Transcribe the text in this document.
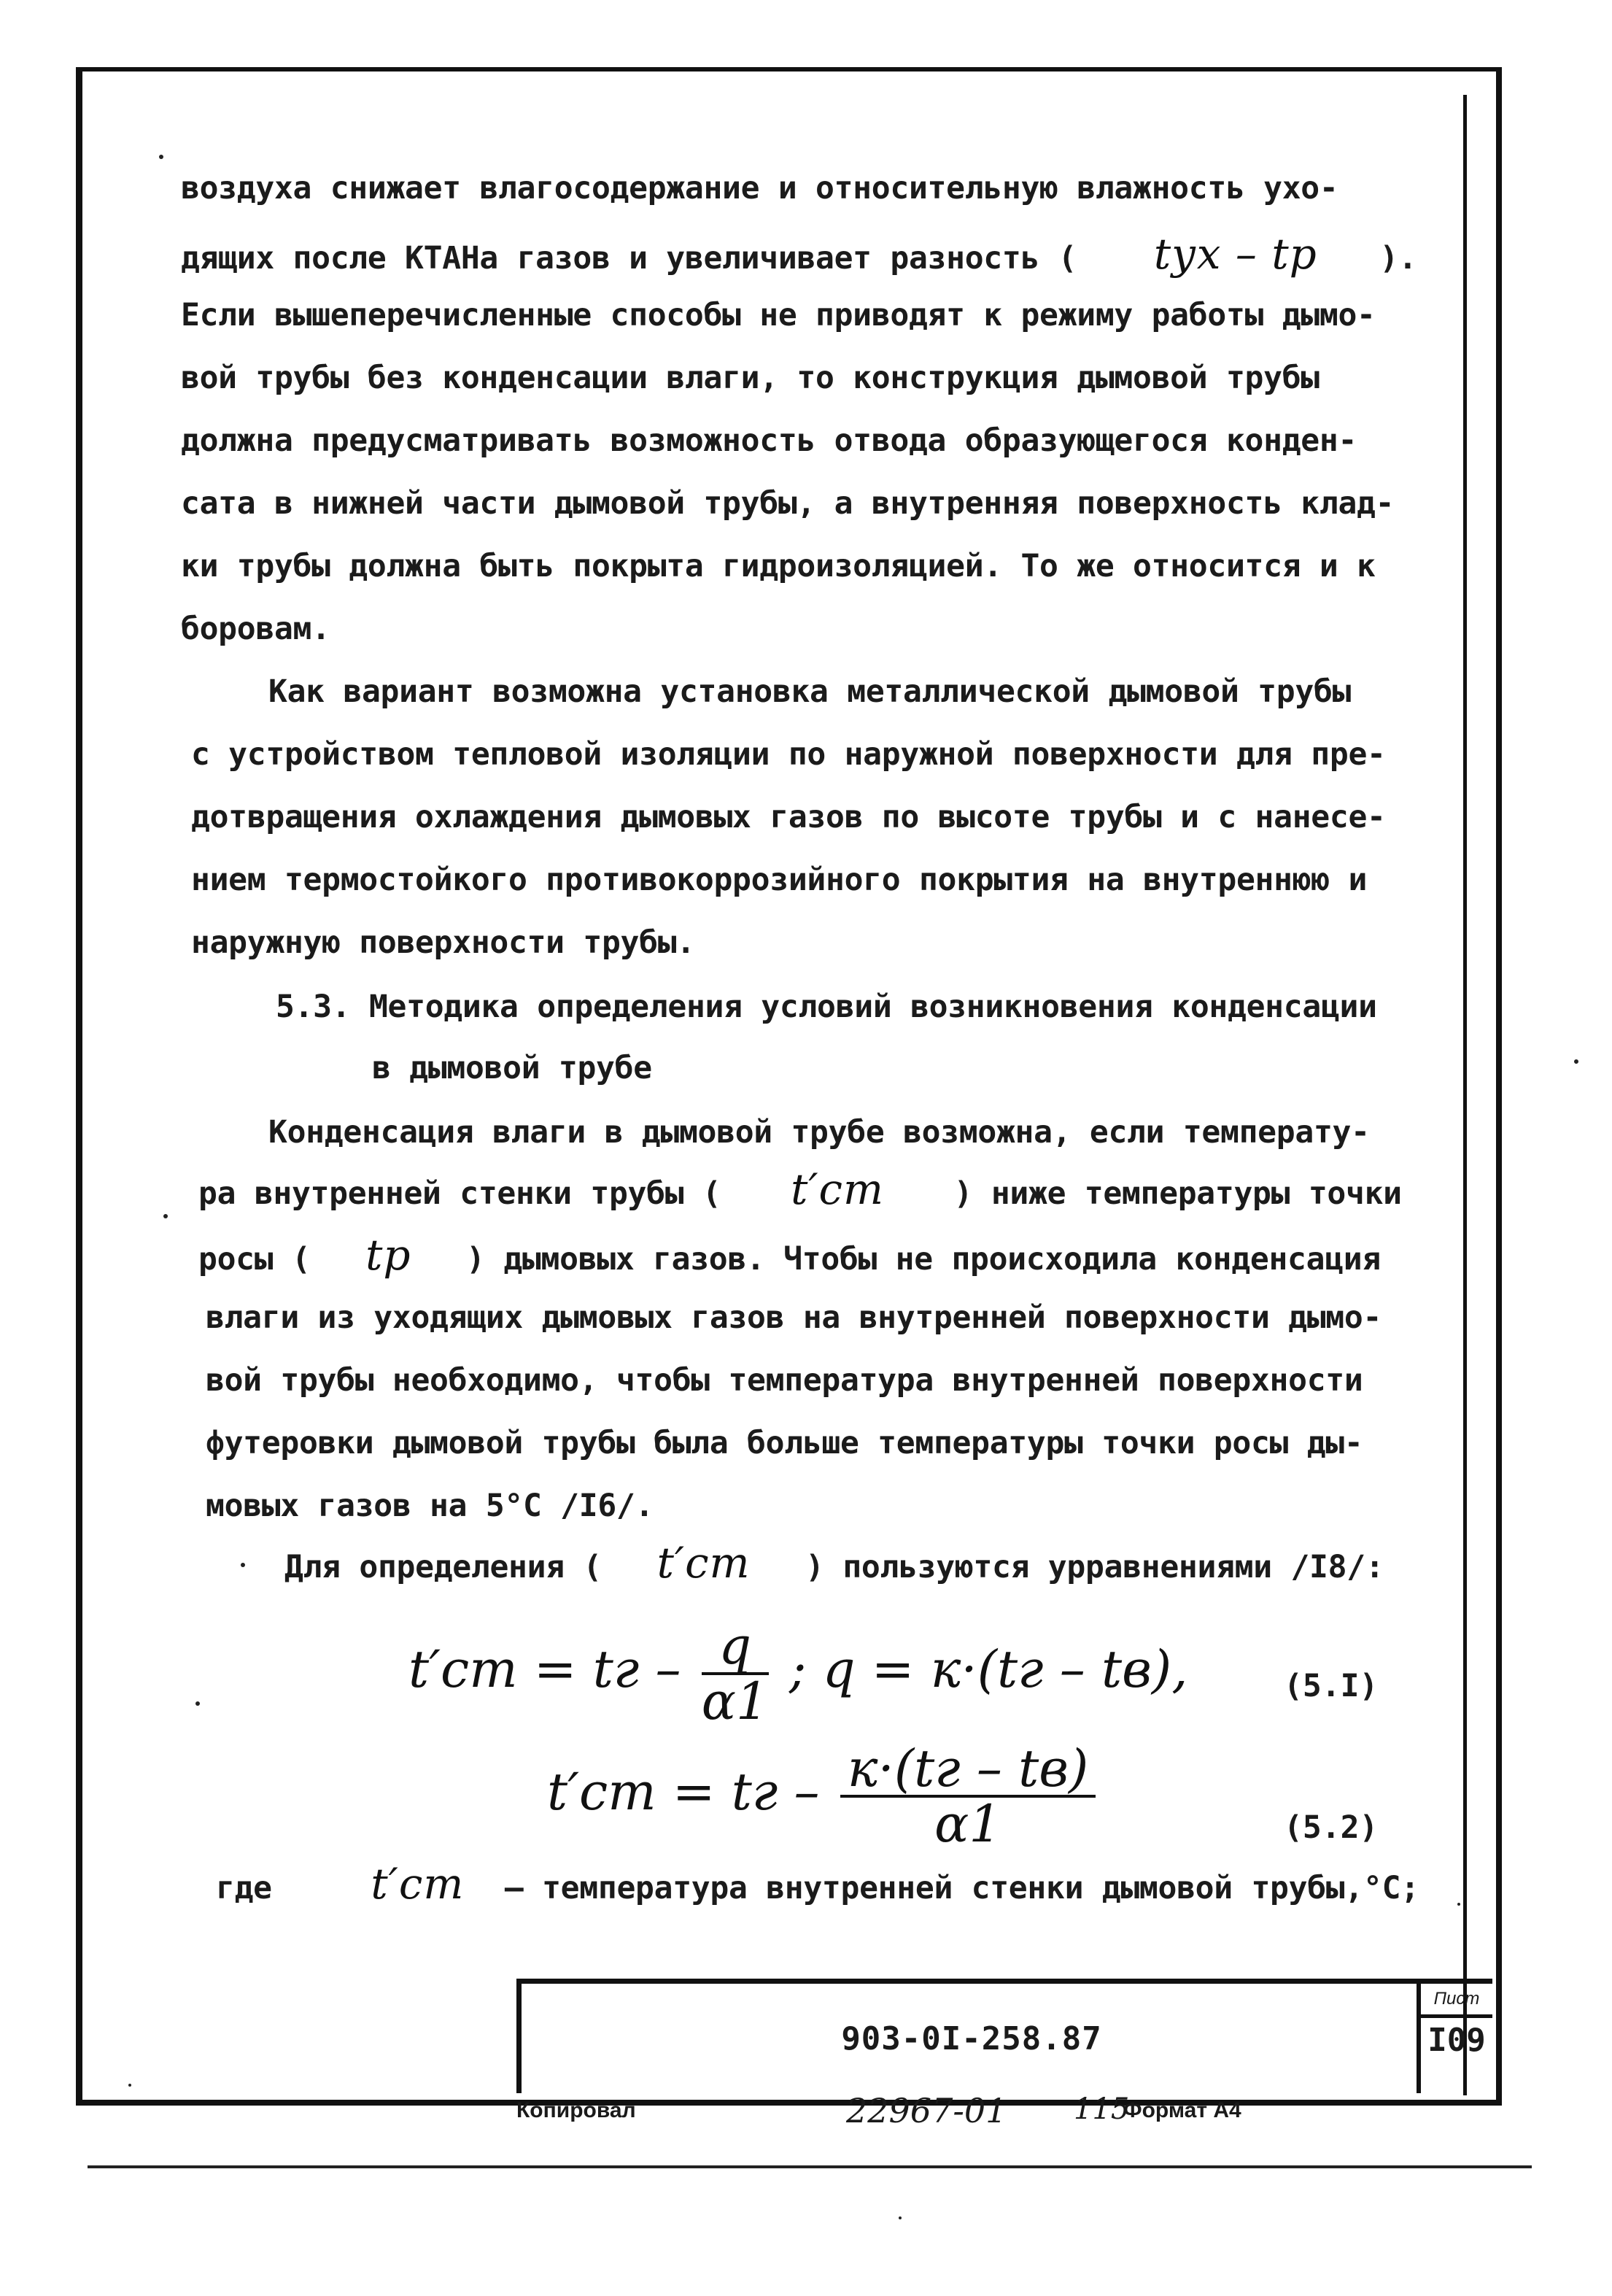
воздуха снижает влагосодержание и относительную влажность ухо-
дящих после КТАНа газов и увеличивает разность ( tух – tр ).
Если вышеперечисленные способы не приводят к режиму работы дымо-
вой трубы без конденсации влаги, то конструкция дымовой трубы
должна предусматривать возможность отвода образующегося конден-
сата в нижней части дымовой трубы, а внутренняя поверхность клад-
ки трубы должна быть покрыта гидроизоляцией. То же относится и к
боровам.
Как вариант возможна установка металлической дымовой трубы
с устройством тепловой изоляции по наружной поверхности для пре-
дотвращения охлаждения дымовых газов по высоте трубы и с нанесе-
нием термостойкого противокоррозийного покрытия на внутреннюю и
наружную поверхности трубы.
5.3. Методика определения условий возникновения конденсации
в дымовой трубе
Конденсация влаги в дымовой трубе возможна, если температу-
ра внутренней стенки трубы ( t′ст ) ниже температуры точки
росы ( tр ) дымовых газов. Чтобы не происходила конденсация
влаги из уходящих дымовых газов на внутренней поверхности дымо-
вой трубы необходимо, чтобы температура внутренней поверхности
футеровки дымовой трубы была больше температуры точки росы ды-
мовых газов на 5°С /I6/.
Для определения ( t′ст ) пользуются урравнениями /I8/:
t′ст = tг – $\frac{q}{\alpha 1}$ ; q = к·(tг – tв),	(5.I)
t′ст = tг – $\frac{к\cdot(tг - tв)}{\alpha 1}$	(5.2)
где t′ст – температура внутренней стенки дымовой трубы,°С;
903-0I-258.87
Пист
I09
Копировал	22967-01 115
Формат А4
